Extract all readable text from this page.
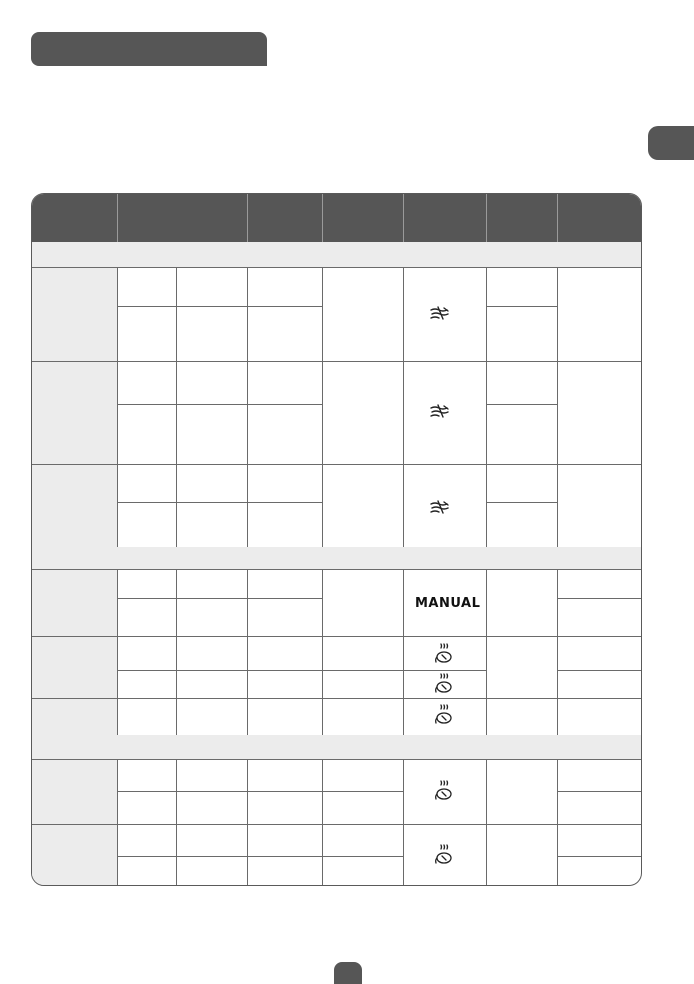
MANUAL
